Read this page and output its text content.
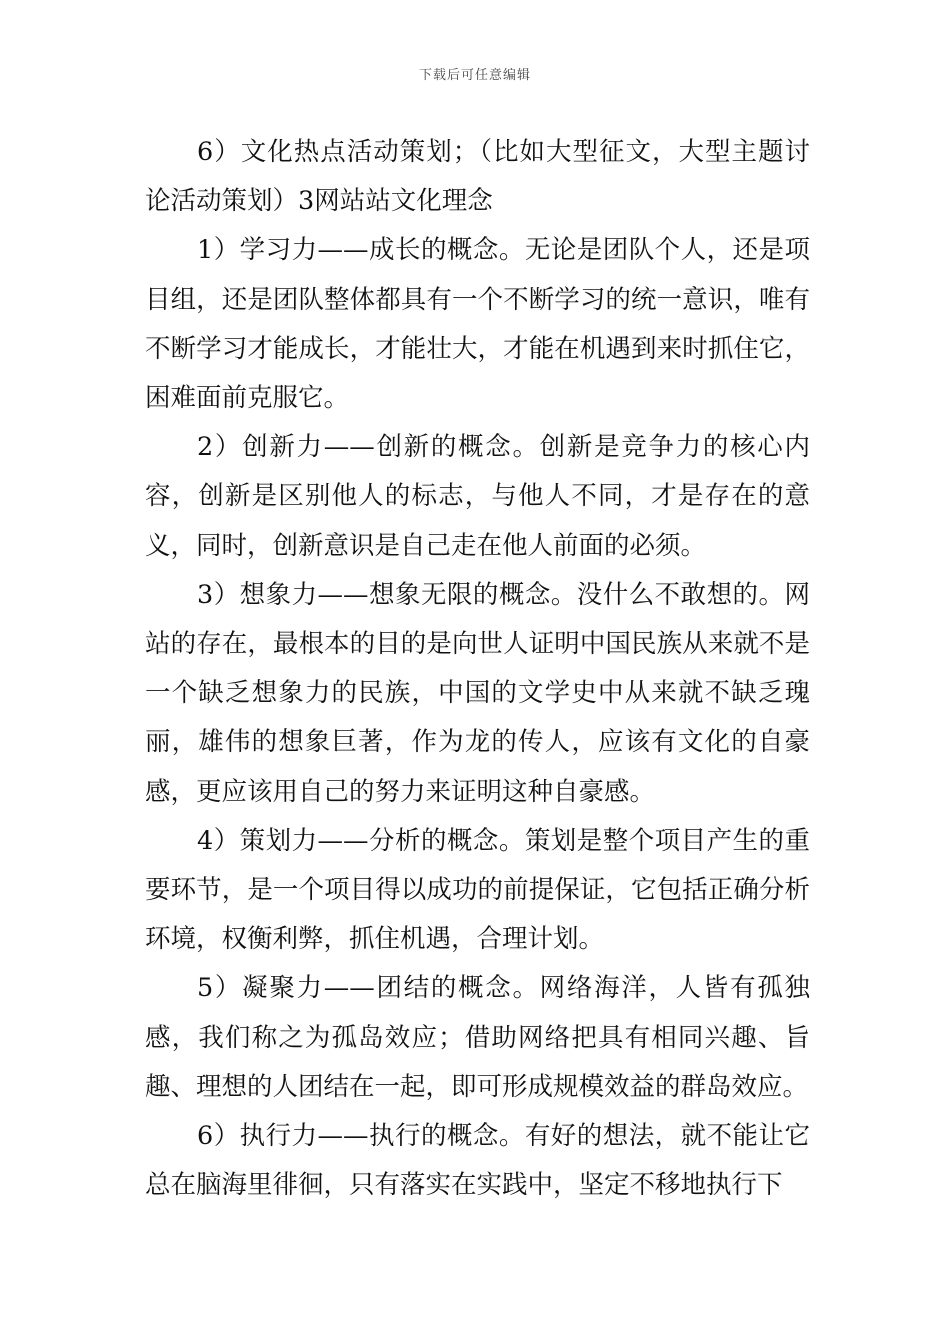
下载后可任意编辑

6）文化热点活动策划；（比如大型征文，大型主题讨论活动策划）3网站站文化理念

1）学习力——成长的概念。无论是团队个人，还是项目组，还是团队整体都具有一个不断学习的统一意识，唯有不断学习才能成长，才能壮大，才能在机遇到来时抓住它，困难面前克服它。

2）创新力——创新的概念。创新是竞争力的核心内容，创新是区别他人的标志，与他人不同，才是存在的意义，同时，创新意识是自己走在他人前面的必须。

3）想象力——想象无限的概念。没什么不敢想的。网站的存在，最根本的目的是向世人证明中国民族从来就不是一个缺乏想象力的民族，中国的文学史中从来就不缺乏瑰丽，雄伟的想象巨著，作为龙的传人，应该有文化的自豪感，更应该用自己的努力来证明这种自豪感。

4）策划力——分析的概念。策划是整个项目产生的重要环节，是一个项目得以成功的前提保证，它包括正确分析环境，权衡利弊，抓住机遇，合理计划。

5）凝聚力——团结的概念。网络海洋，人皆有孤独感，我们称之为孤岛效应；借助网络把具有相同兴趣、旨趣、理想的人团结在一起，即可形成规模效益的群岛效应。

6）执行力——执行的概念。有好的想法，就不能让它总在脑海里徘徊，只有落实在实践中，坚定不移地执行下
